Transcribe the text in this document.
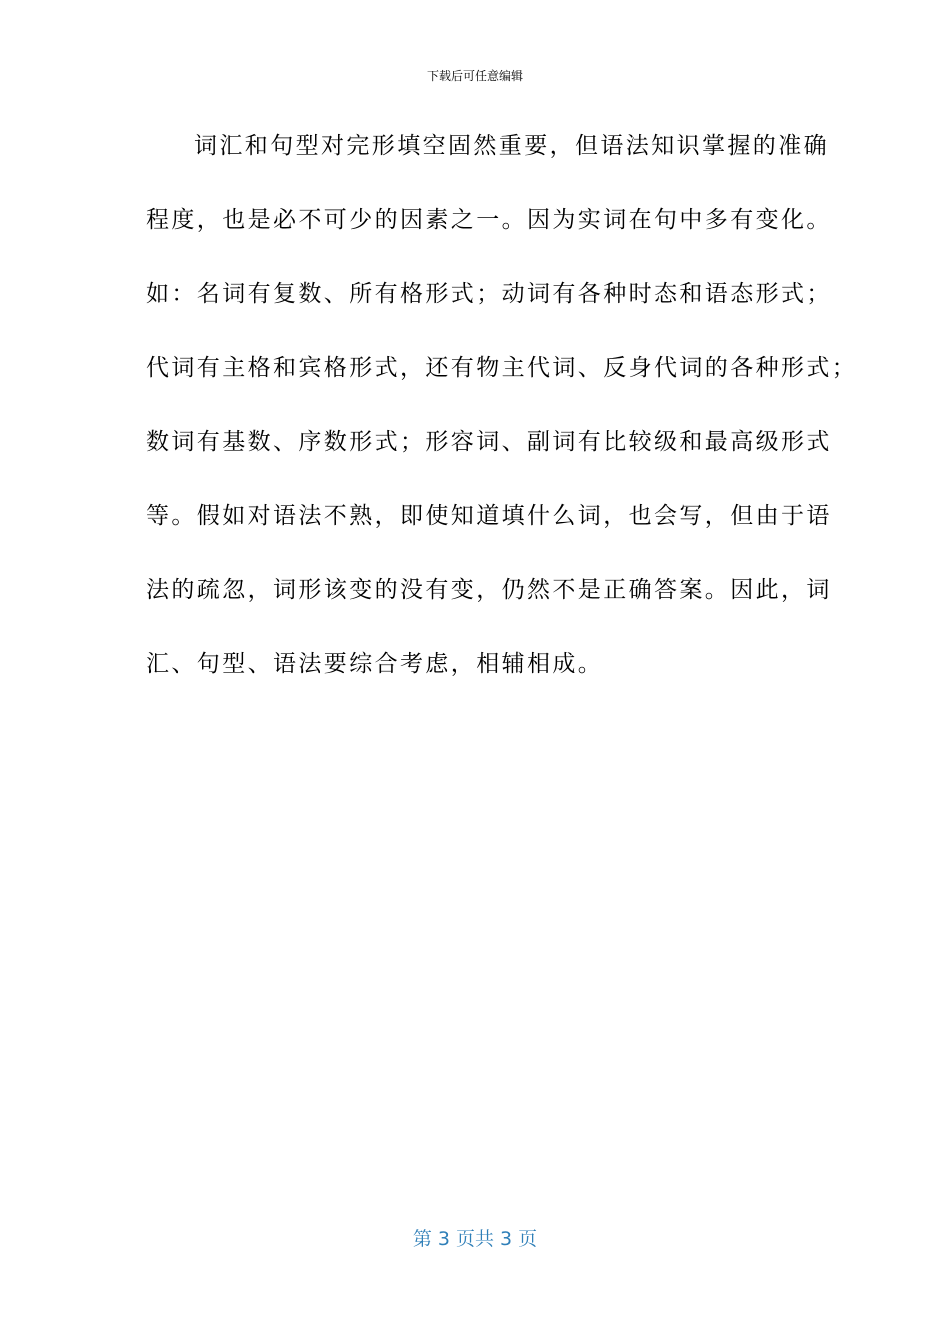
下载后可任意编辑
词汇和句型对完形填空固然重要，但语法知识掌握的准确
程度，也是必不可少的因素之一。因为实词在句中多有变化。
如：名词有复数、所有格形式；动词有各种时态和语态形式；
代词有主格和宾格形式，还有物主代词、反身代词的各种形式；
数词有基数、序数形式；形容词、副词有比较级和最高级形式
等。假如对语法不熟，即使知道填什么词，也会写，但由于语
法的疏忽，词形该变的没有变，仍然不是正确答案。因此，词
汇、句型、语法要综合考虑，相辅相成。
第 3 页共 3 页
